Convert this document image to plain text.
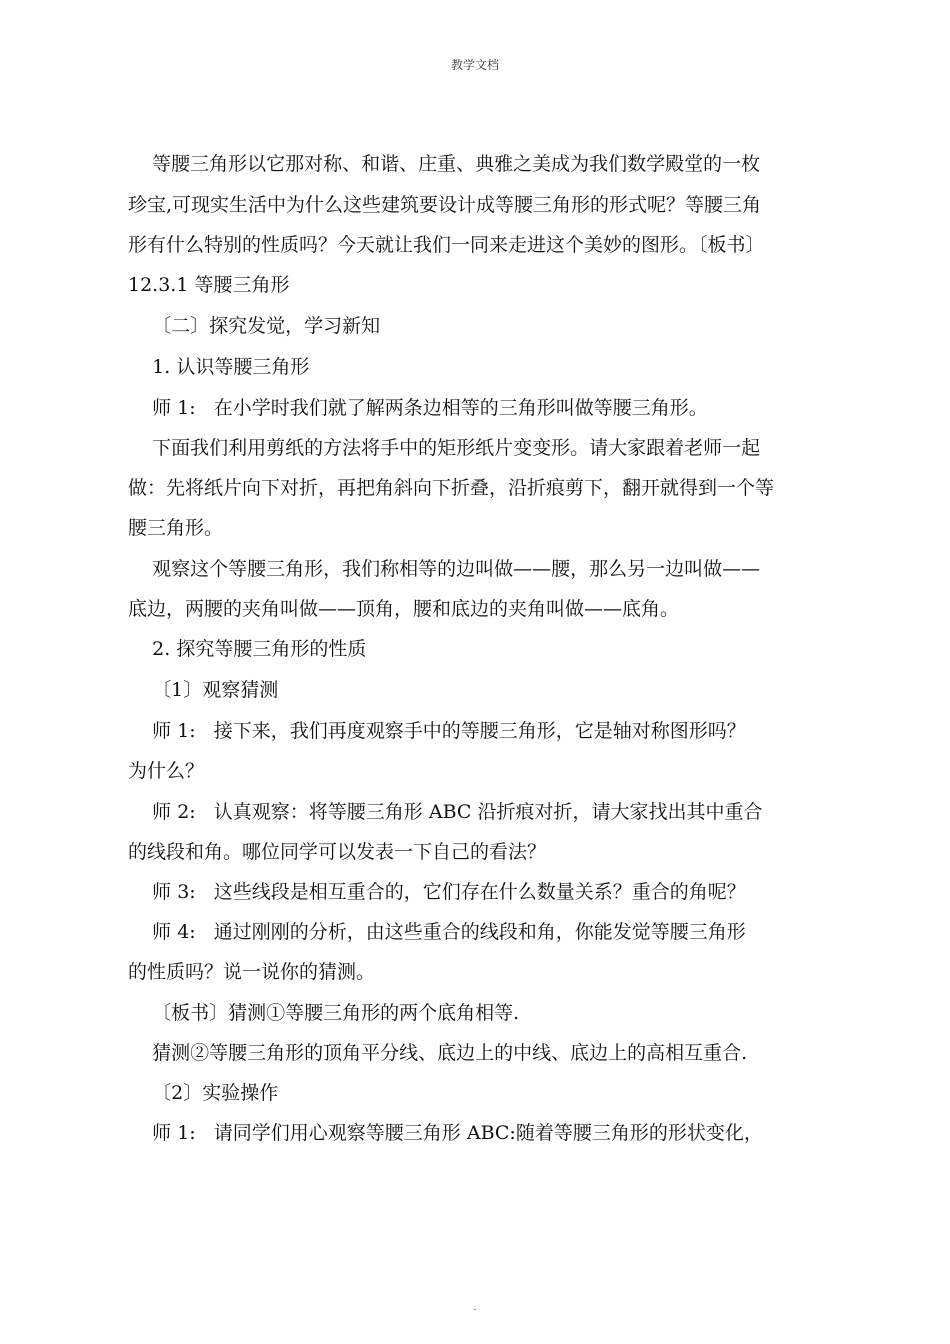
教学文档
等腰三角形以它那对称、和谐、庄重、典雅之美成为我们数学殿堂的一枚
珍宝,可现实生活中为什么这些建筑要设计成等腰三角形的形式呢？等腰三角
形有什么特别的性质吗？今天就让我们一同来走进这个美妙的图形。〔板书〕
12.3.1 等腰三角形
〔二〕探究发觉，学习新知
1. 认识等腰三角形
师 1:   在小学时我们就了解两条边相等的三角形叫做等腰三角形。
下面我们利用剪纸的方法将手中的矩形纸片变变形。请大家跟着老师一起
做：先将纸片向下对折，再把角斜向下折叠，沿折痕剪下，翻开就得到一个等
腰三角形。
观察这个等腰三角形，我们称相等的边叫做——腰，那么另一边叫做——
底边，两腰的夹角叫做——顶角，腰和底边的夹角叫做——底角。
2. 探究等腰三角形的性质
〔1〕观察猜测
师 1:   接下来，我们再度观察手中的等腰三角形，它是轴对称图形吗？
为什么？
师 2:   认真观察：将等腰三角形 ABC 沿折痕对折，请大家找出其中重合
的线段和角。哪位同学可以发表一下自己的看法？
师 3:   这些线段是相互重合的，它们存在什么数量关系？重合的角呢？
师 4:   通过刚刚的分析，由这些重合的线段和角，你能发觉等腰三角形
的性质吗？说一说你的猜测。
〔板书〕猜测①等腰三角形的两个底角相等.
猜测②等腰三角形的顶角平分线、底边上的中线、底边上的高相互重合.
〔2〕实验操作
师 1:   请同学们用心观察等腰三角形 ABC:随着等腰三角形的形状变化，
.
